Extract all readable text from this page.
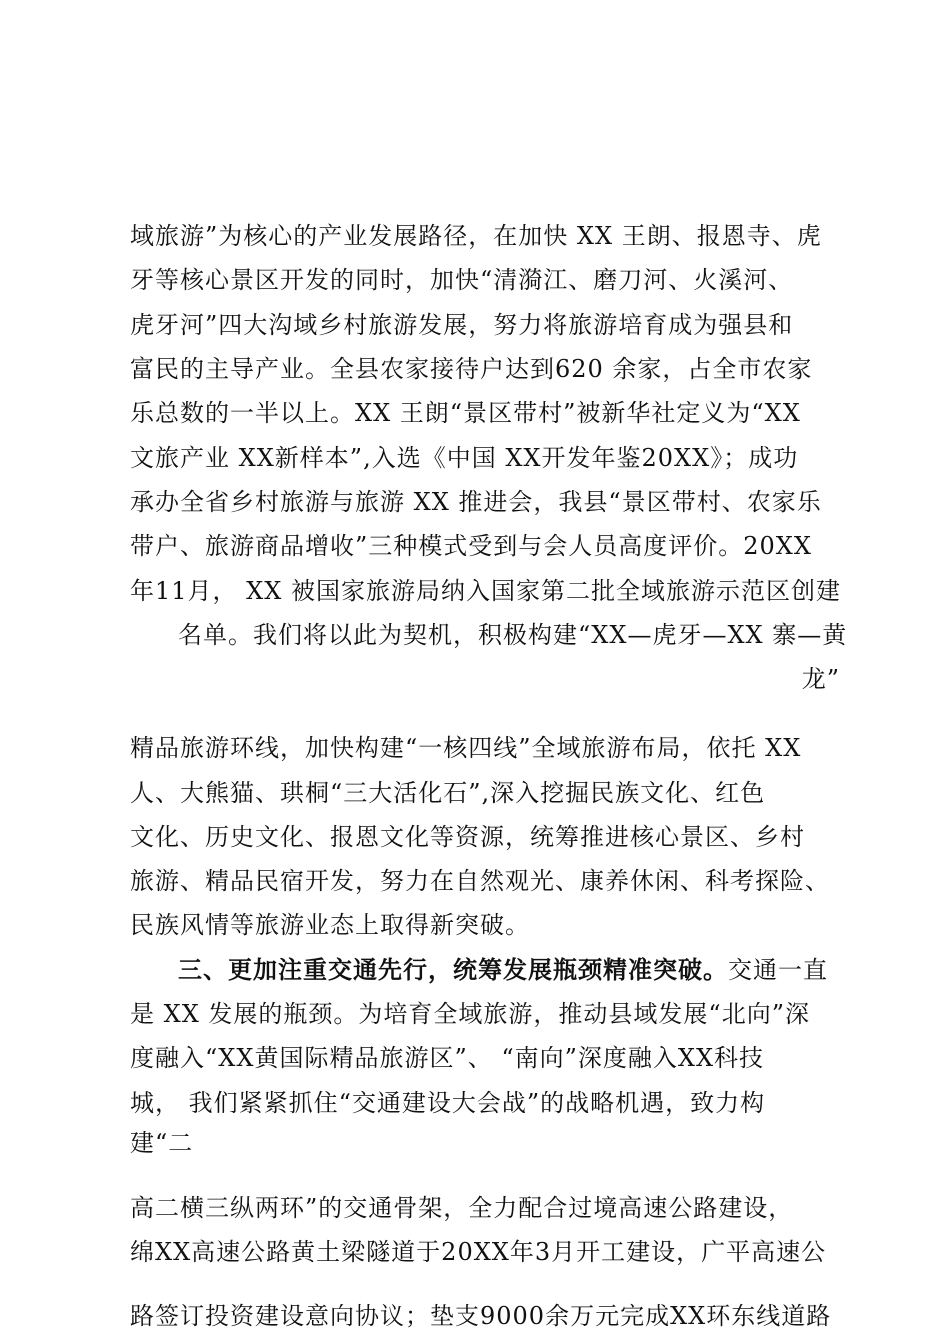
域旅游”为核心的产业发展路径，在加快 XX 王朗、报恩寺、虎
牙等核心景区开发的同时，加快“清漪江、磨刀河、火溪河、
虎牙河”四大沟域乡村旅游发展，努力将旅游培育成为强县和
富民的主导产业。全县农家接待户达到620 余家，占全市农家
乐总数的一半以上。XX 王朗“景区带村”被新华社定义为“XX
文旅产业 XX新样本”,入选《中国 XX开发年鉴20XX》；成功
承办全省乡村旅游与旅游 XX 推进会，我县“景区带村、农家乐
带户、旅游商品增收”三种模式受到与会人员高度评价。20XX
年11月， XX 被国家旅游局纳入国家第二批全域旅游示范区创建
名单。我们将以此为契机，积极构建“XX—虎牙—XX 寨—黄
龙”
精品旅游环线，加快构建“一核四线”全域旅游布局，依托 XX
人、大熊猫、珙桐“三大活化石”,深入挖掘民族文化、红色
文化、历史文化、报恩文化等资源，统筹推进核心景区、乡村
旅游、精品民宿开发，努力在自然观光、康养休闲、科考探险、
民族风情等旅游业态上取得新突破。
三、更加注重交通先行，统筹发展瓶颈精准突破。交通一直
是 XX 发展的瓶颈。为培育全域旅游，推动县域发展“北向”深
度融入“XX黄国际精品旅游区”、 “南向”深度融入XX科技
城， 我们紧紧抓住“交通建设大会战”的战略机遇，致力构
建“二
高二横三纵两环”的交通骨架，全力配合过境高速公路建设，
绵XX高速公路黄土梁隧道于20XX年3月开工建设，广平高速公
路签订投资建设意向协议；垫支9000余万元完成XX环东线道路
